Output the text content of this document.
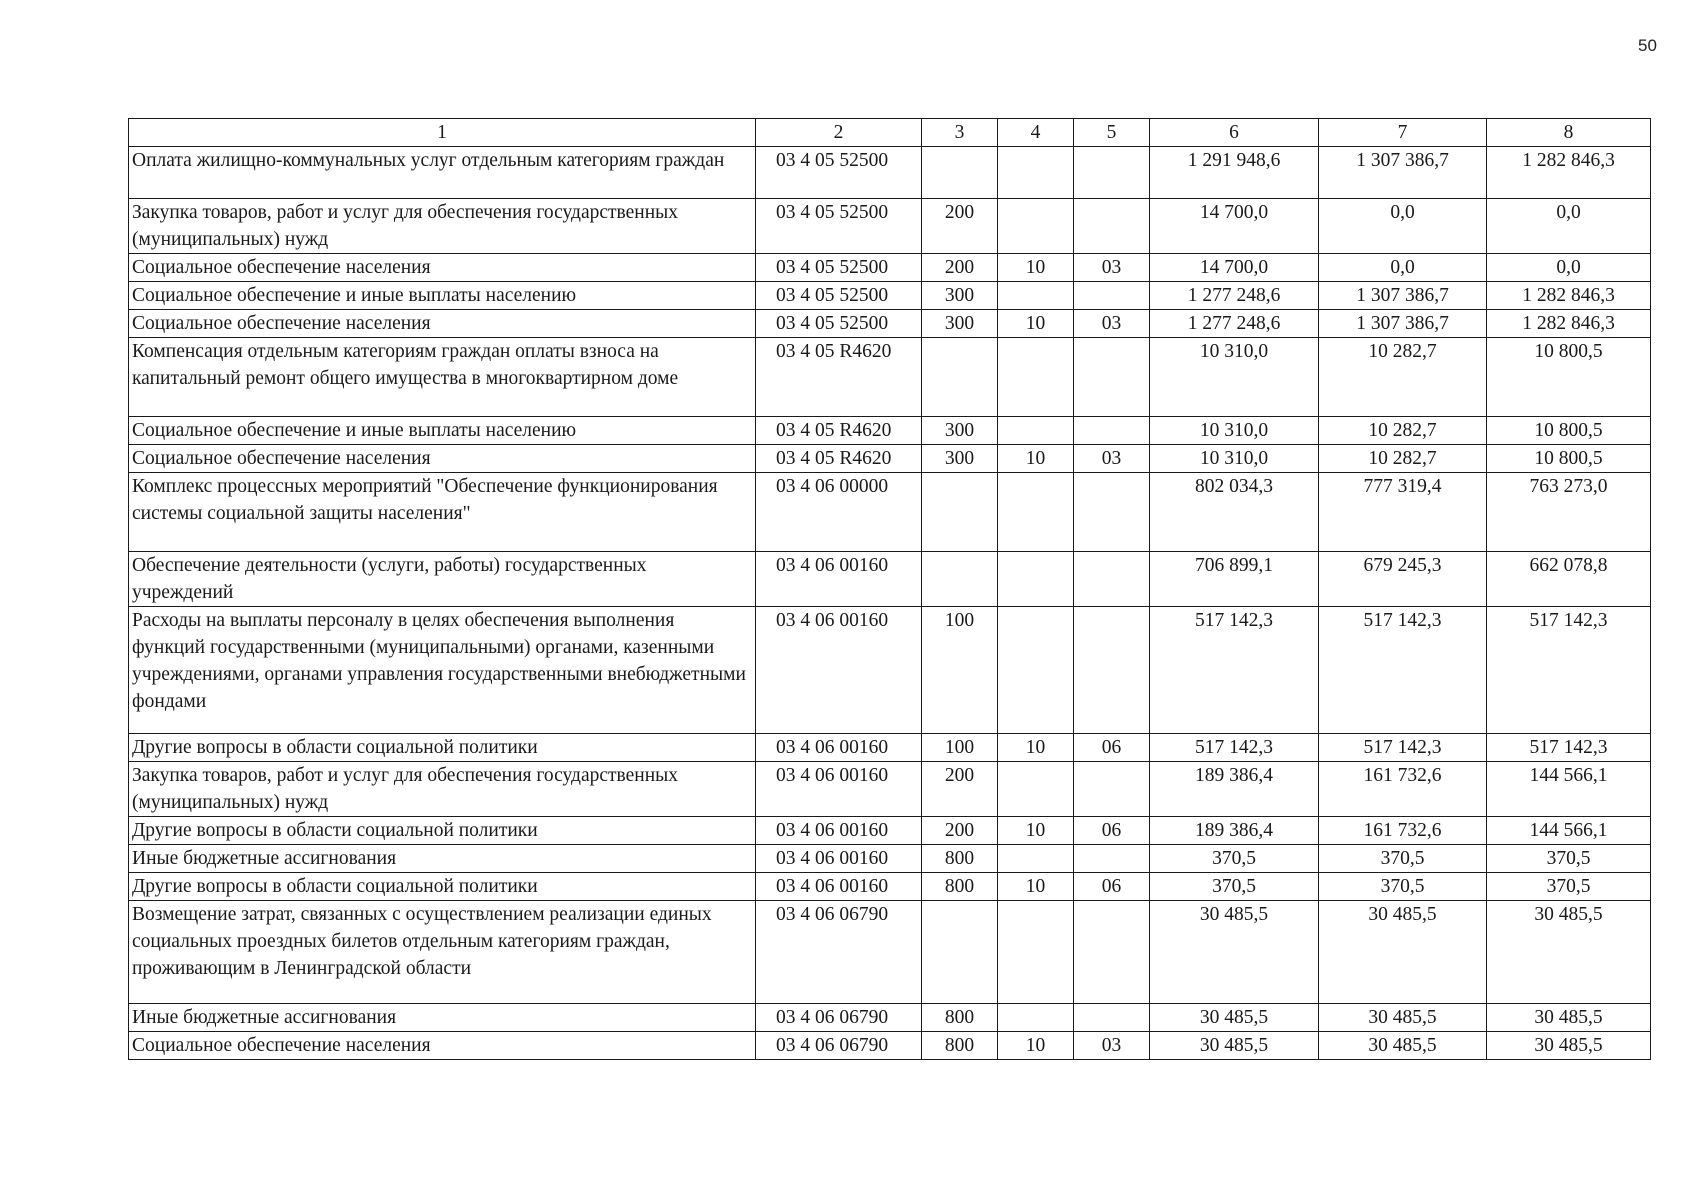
50
1	2	3	4	5	6	7	8
Оплата жилищно-коммунальных услуг отдельным категориям граждан	03 4 05 52500				1 291 948,6	1 307 386,7	1 282 846,3
Закупка товаров, работ и услуг для обеспечения государственных (муниципальных) нужд	03 4 05 52500	200			14 700,0	0,0	0,0
Социальное обеспечение населения	03 4 05 52500	200	10	03	14 700,0	0,0	0,0
Социальное обеспечение и иные выплаты населению	03 4 05 52500	300			1 277 248,6	1 307 386,7	1 282 846,3
Социальное обеспечение населения	03 4 05 52500	300	10	03	1 277 248,6	1 307 386,7	1 282 846,3
Компенсация отдельным категориям граждан оплаты взноса на капитальный ремонт общего имущества в многоквартирном доме	03 4 05 R4620				10 310,0	10 282,7	10 800,5
Социальное обеспечение и иные выплаты населению	03 4 05 R4620	300			10 310,0	10 282,7	10 800,5
Социальное обеспечение населения	03 4 05 R4620	300	10	03	10 310,0	10 282,7	10 800,5
Комплекс процессных мероприятий "Обеспечение функционирования системы социальной защиты населения"	03 4 06 00000				802 034,3	777 319,4	763 273,0
Обеспечение деятельности (услуги, работы) государственных учреждений	03 4 06 00160				706 899,1	679 245,3	662 078,8
Расходы на выплаты персоналу в целях обеспечения выполнения функций государственными (муниципальными) органами, казенными учреждениями, органами управления государственными внебюджетными фондами	03 4 06 00160	100			517 142,3	517 142,3	517 142,3
Другие вопросы в области социальной политики	03 4 06 00160	100	10	06	517 142,3	517 142,3	517 142,3
Закупка товаров, работ и услуг для обеспечения государственных (муниципальных) нужд	03 4 06 00160	200			189 386,4	161 732,6	144 566,1
Другие вопросы в области социальной политики	03 4 06 00160	200	10	06	189 386,4	161 732,6	144 566,1
Иные бюджетные ассигнования	03 4 06 00160	800			370,5	370,5	370,5
Другие вопросы в области социальной политики	03 4 06 00160	800	10	06	370,5	370,5	370,5
Возмещение затрат, связанных с осуществлением реализации единых социальных проездных билетов отдельным категориям граждан, проживающим в Ленинградской области	03 4 06 06790				30 485,5	30 485,5	30 485,5
Иные бюджетные ассигнования	03 4 06 06790	800			30 485,5	30 485,5	30 485,5
Социальное обеспечение населения	03 4 06 06790	800	10	03	30 485,5	30 485,5	30 485,5
